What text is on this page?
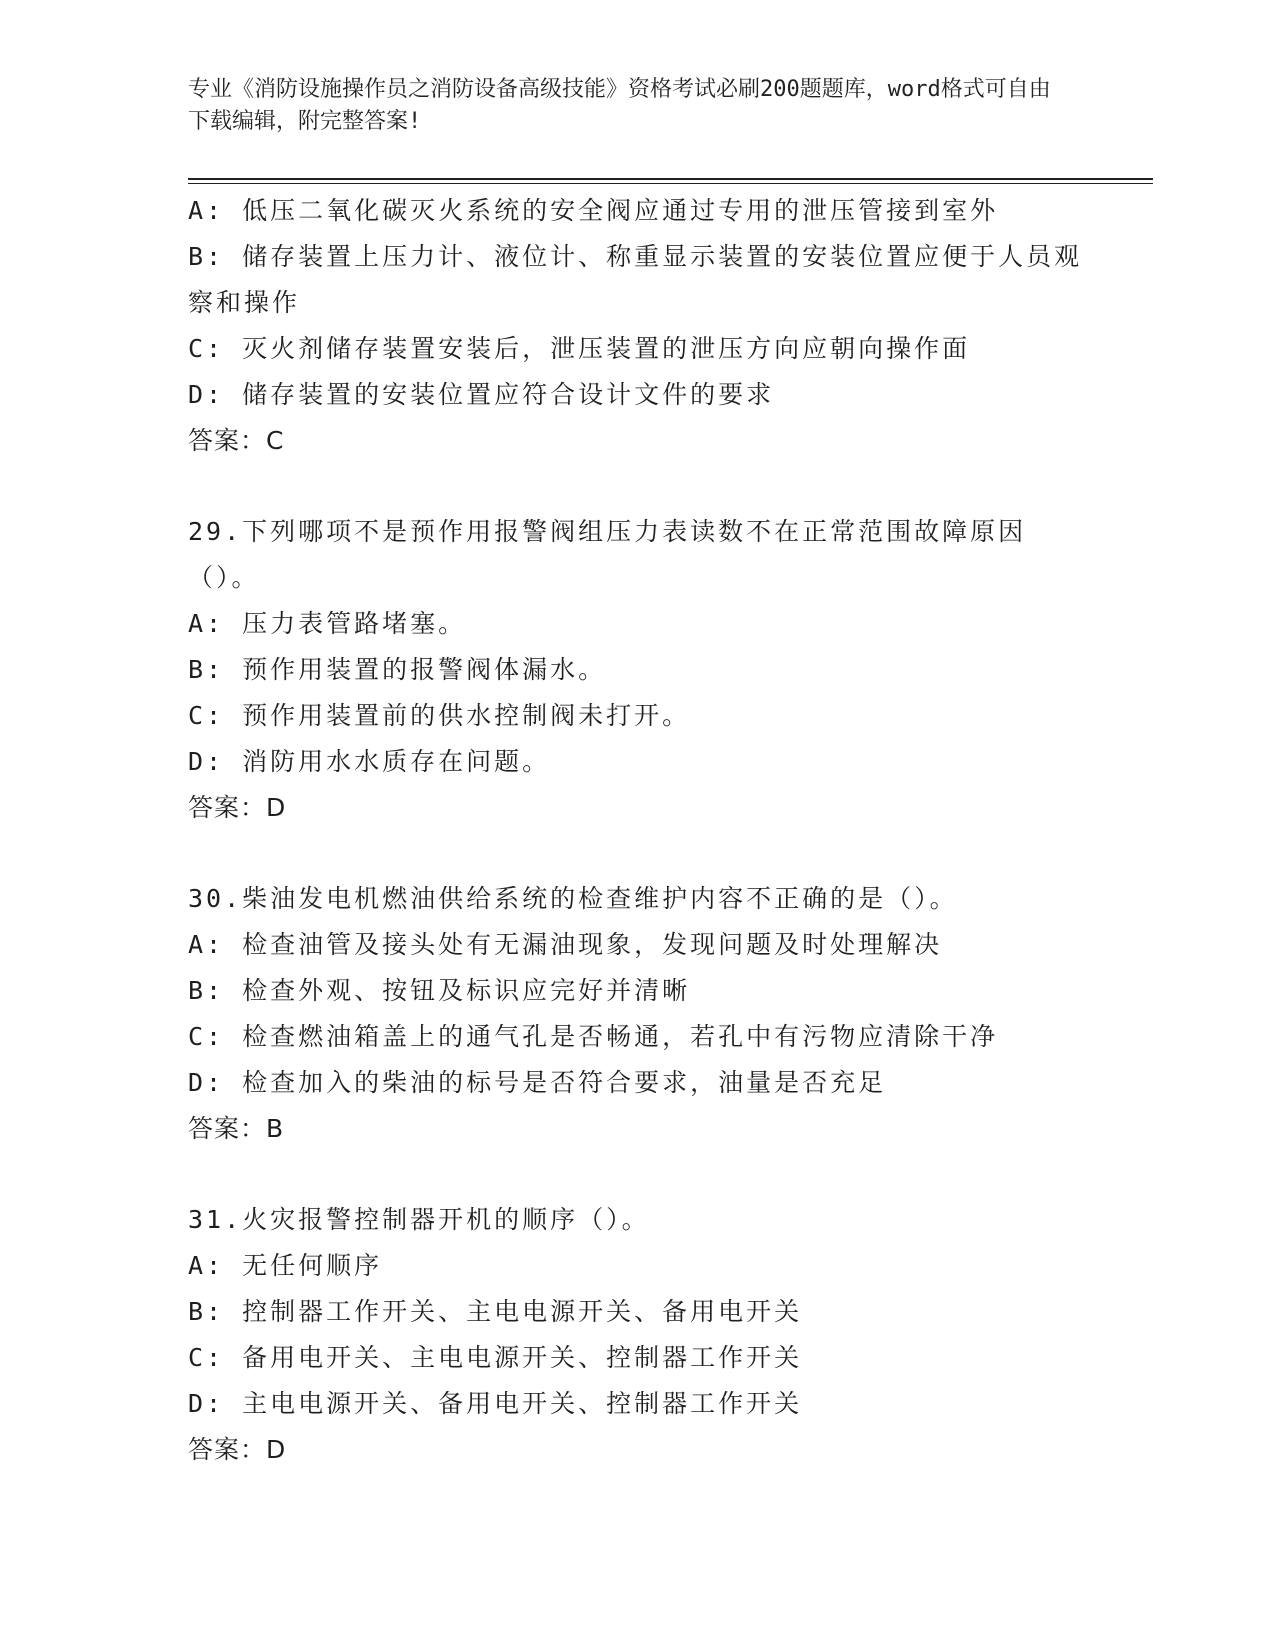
专业《消防设施操作员之消防设备高级技能》资格考试必刷200题题库，word格式可自由下载编辑，附完整答案!
A: 低压二氧化碳灭火系统的安全阀应通过专用的泄压管接到室外
B: 储存装置上压力计、液位计、称重显示装置的安装位置应便于人员观察和操作
C: 灭火剂储存装置安装后，泄压装置的泄压方向应朝向操作面
D: 储存装置的安装位置应符合设计文件的要求
答案：C
29.下列哪项不是预作用报警阀组压力表读数不在正常范围故障原因（）。
A: 压力表管路堵塞。
B: 预作用装置的报警阀体漏水。
C: 预作用装置前的供水控制阀未打开。
D: 消防用水水质存在问题。
答案：D
30.柴油发电机燃油供给系统的检查维护内容不正确的是（）。
A: 检查油管及接头处有无漏油现象，发现问题及时处理解决
B: 检查外观、按钮及标识应完好并清晰
C: 检查燃油箱盖上的通气孔是否畅通，若孔中有污物应清除干净
D: 检查加入的柴油的标号是否符合要求，油量是否充足
答案：B
31.火灾报警控制器开机的顺序（）。
A: 无任何顺序
B: 控制器工作开关、主电电源开关、备用电开关
C: 备用电开关、主电电源开关、控制器工作开关
D: 主电电源开关、备用电开关、控制器工作开关
答案：D
